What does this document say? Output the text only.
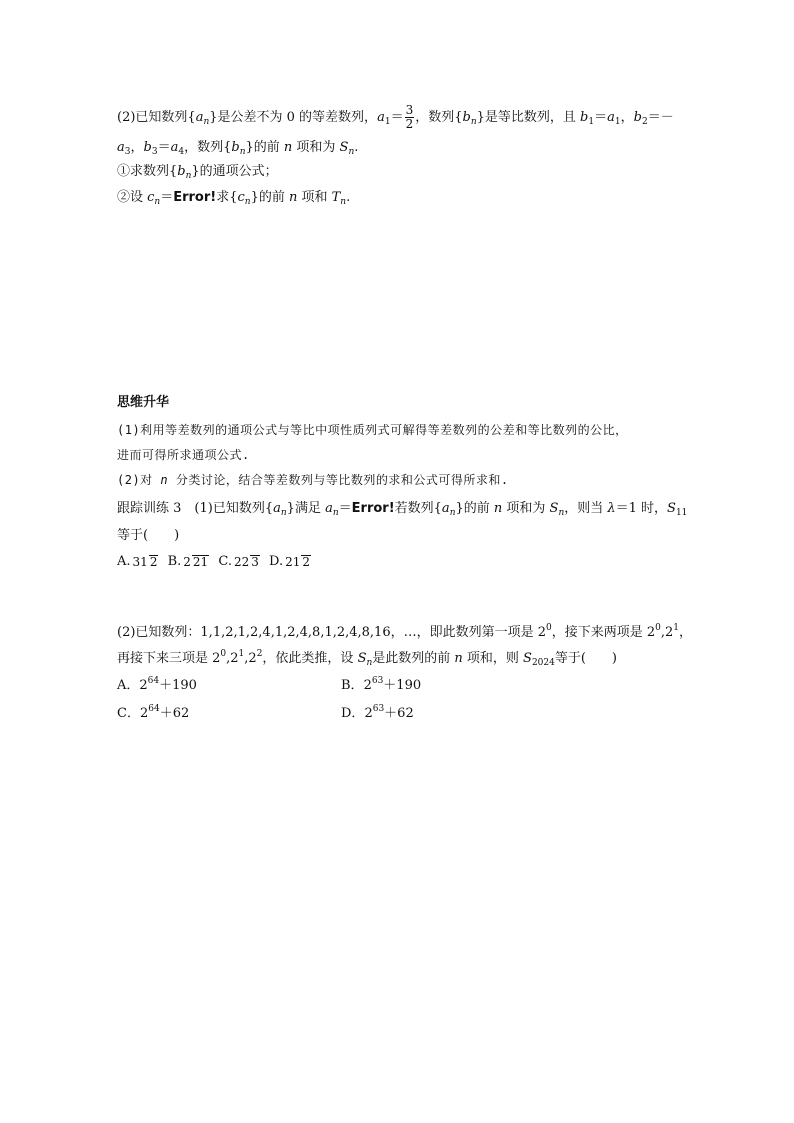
(2)已知数列$\{a_n\}$是公差不为 0 的等差数列，$a_1= \frac{3}{2}$ ，数列$\{b_n\}$是等比数列，且 $b_1=a_1$，$b_2=-$
$a_3$，$b_3=a_4$，数列$\{b_n\}$的前 n 项和为 $S_n$.
①求数列$\{b_n\}$的通项公式；
②设 $c_n=Error$!求$\{c_n\}$的前 n 项和 $T_n$.
思维升华
(1)利用等差数列的通项公式与等比中项性质列式可解得等差数列的公差和等比数列的公比，
进而可得所求通项公式.
(2)对 n 分类讨论，结合等差数列与等比数列的求和公式可得所求和.
跟踪训练 3　 (1)已知数列$\{a_n\}$满足 $a_n=Error$!若数列$\{a_n\}$的前 n 项和为 $S_n$，则当 λ＝1 时，$S_{11}$
等于(　　)
A. 31 2 B. 2 21 C. 22 3 D. 21 2
(2)已知数列：1,1,2,1,2,4,1,2,4,8,1,2,4,8,16，…，即此数列第一项是 $2^0$，接下来两项是 $2^0,2^1$，
再接下来三项是 $2^0,2^1,2^2$，依此类推，设 $S_n$是此数列的前 n 项和，则 $S_{2024}$等于(　　)
A．$2^{64}+190$	B．$2^{63}+190$
C．$2^{64}+62$	D．$2^{63}+62$
